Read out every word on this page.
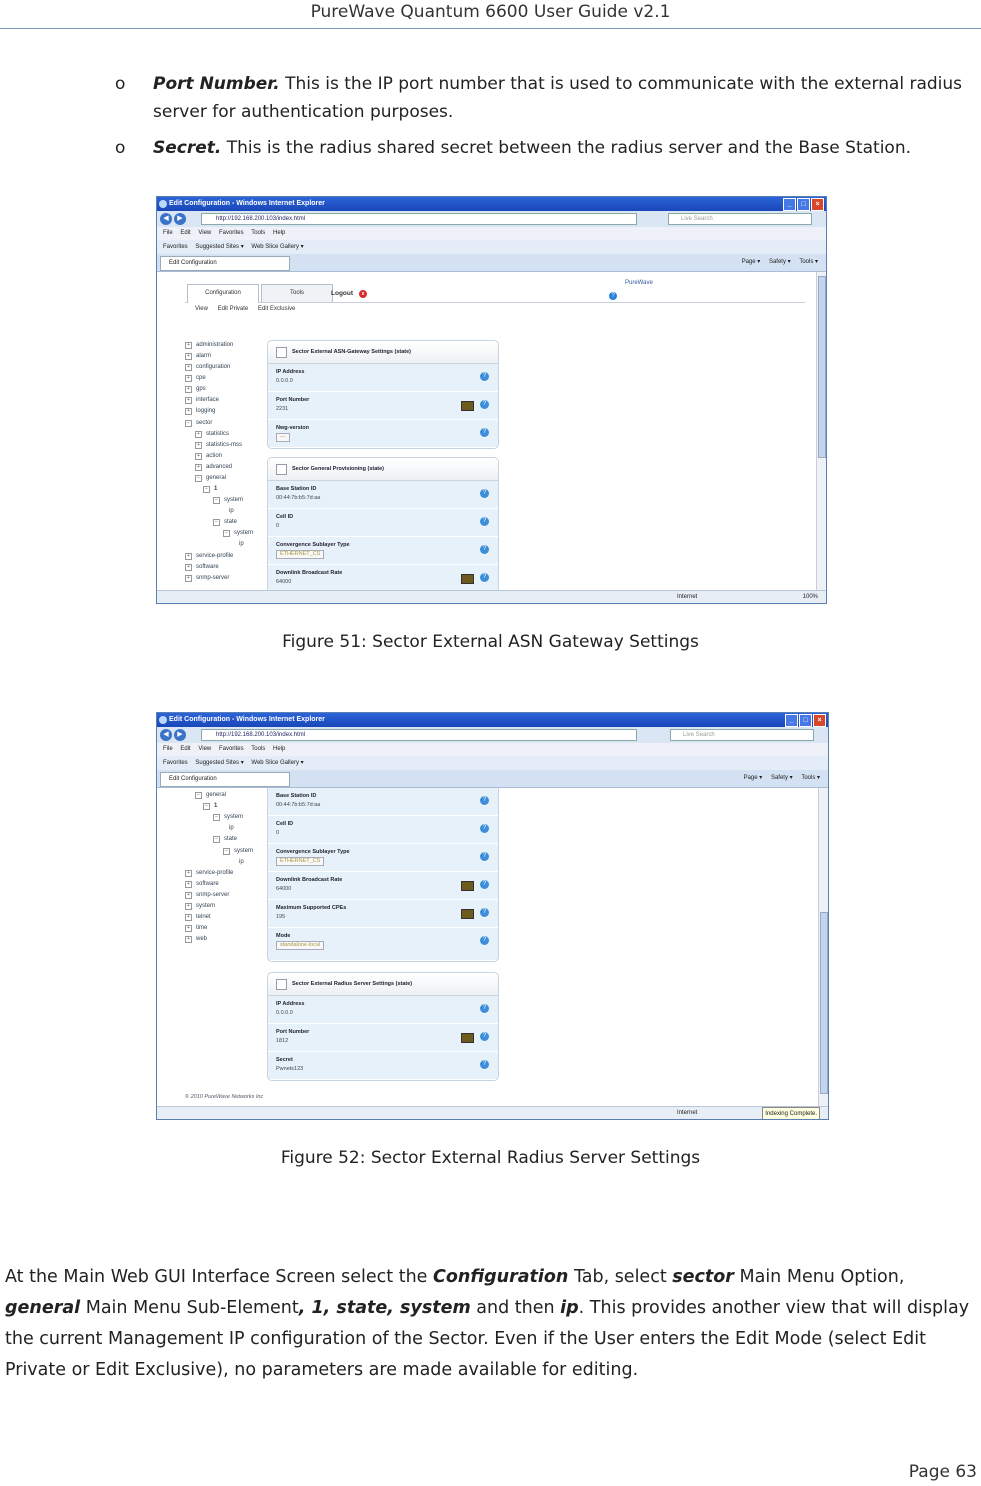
PureWave Quantum 6600 User Guide v2.1
o Port Number. This is the IP port number that is used to communicate with the external radius server for authentication purposes.
o Secret. This is the radius shared secret between the radius server and the Base Station.
Edit Configuration - Windows Internet Explorer	_ □ ×
◀	▶	http://192.168.200.103/index.html	Live Search
File Edit View Favorites Tools Help
Favorites Suggested Sites ▾ Web Slice Gallery ▾
Edit Configuration	Page ▾ Safety ▾ Tools ▾
Configuration	Tools	Logout x	?
PureWave
View Edit Private Edit Exclusive
+ administration
+ alarm
+ configuration
+ cpe
+ gps
+ interface
+ logging
− sector
+ statistics
+ statistics-mss
+ action
+ advanced
− general
− 1
− system
ip
− state
− system
ip
+ service-profile
+ software
+ snmp-server
Sector External ASN-Gateway Settings (state)
IP Address
0.0.0.0
?
Port Number
2231
?
Nwg-version
---
?
Sector General Provisioning (state)
Base Station ID
00:44:7b:b5:7d:aa
?
Cell ID
0
?
Convergence Sublayer Type
ETHERNET_CS
?
Downlink Broadcast Rate
64000
?
Internet	100%
Figure 51: Sector External ASN Gateway Settings
Edit Configuration - Windows Internet Explorer	_ □ ×
◀	▶	http://192.168.200.103/index.html	Live Search
File Edit View Favorites Tools Help
Favorites Suggested Sites ▾ Web Slice Gallery ▾
Edit Configuration	Page ▾ Safety ▾ Tools ▾
− general
− 1
− system
ip
− state
− system
ip
+ service-profile
+ software
+ snmp-server
+ system
+ telnet
+ time
+ web
Base Station ID
00:44:7b:b5:7d:aa
?
Cell ID
0
?
Convergence Sublayer Type
ETHERNET_CS
?
Downlink Broadcast Rate
64000
?
Maximum Supported CPEs
195
?
Mode
standalone-local
?
Sector External Radius Server Settings (state)
IP Address
0.0.0.0
?
Port Number
1812
?
Secret
Pwnets123
?
© 2010 PureWave Networks Inc
Internet	Indexing Complete.
Figure 52: Sector External Radius Server Settings
At the Main Web GUI Interface Screen select the Configuration Tab, select sector Main Menu Option, general Main Menu Sub-Element, 1, state, system and then ip. This provides another view that will display the current Management IP configuration of the Sector. Even if the User enters the Edit Mode (select Edit Private or Edit Exclusive), no parameters are made available for editing.
Page 63
